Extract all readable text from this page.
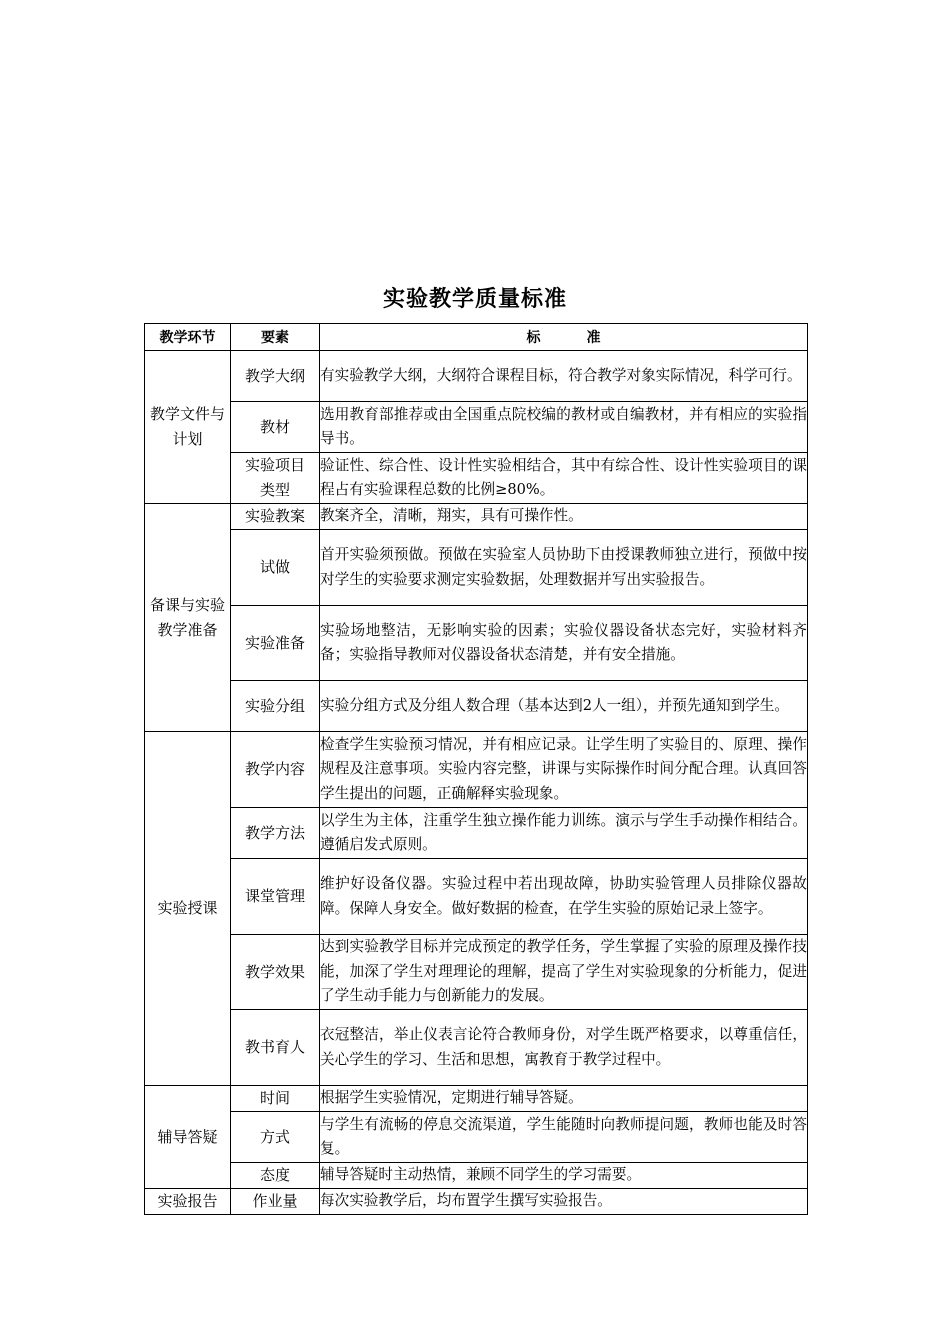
实验教学质量标准
教学环节	要素	标　准
教学文件与计划	教学大纲	有实验教学大纲，大纲符合课程目标，符合教学对象实际情况，科学可行。

	教材	选用教育部推荐或由全国重点院校编的教材或自编教材，并有相应的实验指导书。

	实验项目类型	验证性、综合性、设计性实验相结合，其中有综合性、设计性实验项目的课程占有实验课程总数的比例≥80%。
备课与实验教学准备	实验教案	教案齐全，清晰，翔实，具有可操作性。

	试做	首开实验须预做。预做在实验室人员协助下由授课教师独立进行，预做中按对学生的实验要求测定实验数据，处理数据并写出实验报告。

	实验准备	实验场地整洁，无影响实验的因素；实验仪器设备状态完好，实验材料齐备；实验指导教师对仪器设备状态清楚，并有安全措施。

	实验分组	实验分组方式及分组人数合理（基本达到2人一组），并预先通知到学生。
实验授课	教学内容	检查学生实验预习情况，并有相应记录。让学生明了实验目的、原理、操作规程及注意事项。实验内容完整，讲课与实际操作时间分配合理。认真回答学生提出的问题，正确解释实验现象。

	教学方法	以学生为主体，注重学生独立操作能力训练。演示与学生手动操作相结合。遵循启发式原则。

	课堂管理	维护好设备仪器。实验过程中若出现故障，协助实验管理人员排除仪器故障。保障人身安全。做好数据的检查，在学生实验的原始记录上签字。

	教学效果	达到实验教学目标并完成预定的教学任务，学生掌握了实验的原理及操作技能，加深了学生对理理论的理解，提高了学生对实验现象的分析能力，促进了学生动手能力与创新能力的发展。

	教书育人	衣冠整洁，举止仪表言论符合教师身份，对学生既严格要求，以尊重信任，关心学生的学习、生活和思想，寓教育于教学过程中。
辅导答疑	时间	根据学生实验情况，定期进行辅导答疑。

	方式	与学生有流畅的停息交流渠道，学生能随时向教师提问题，教师也能及时答复。

	态度	辅导答疑时主动热情，兼顾不同学生的学习需要。
实验报告	作业量	每次实验教学后，均布置学生撰写实验报告。
